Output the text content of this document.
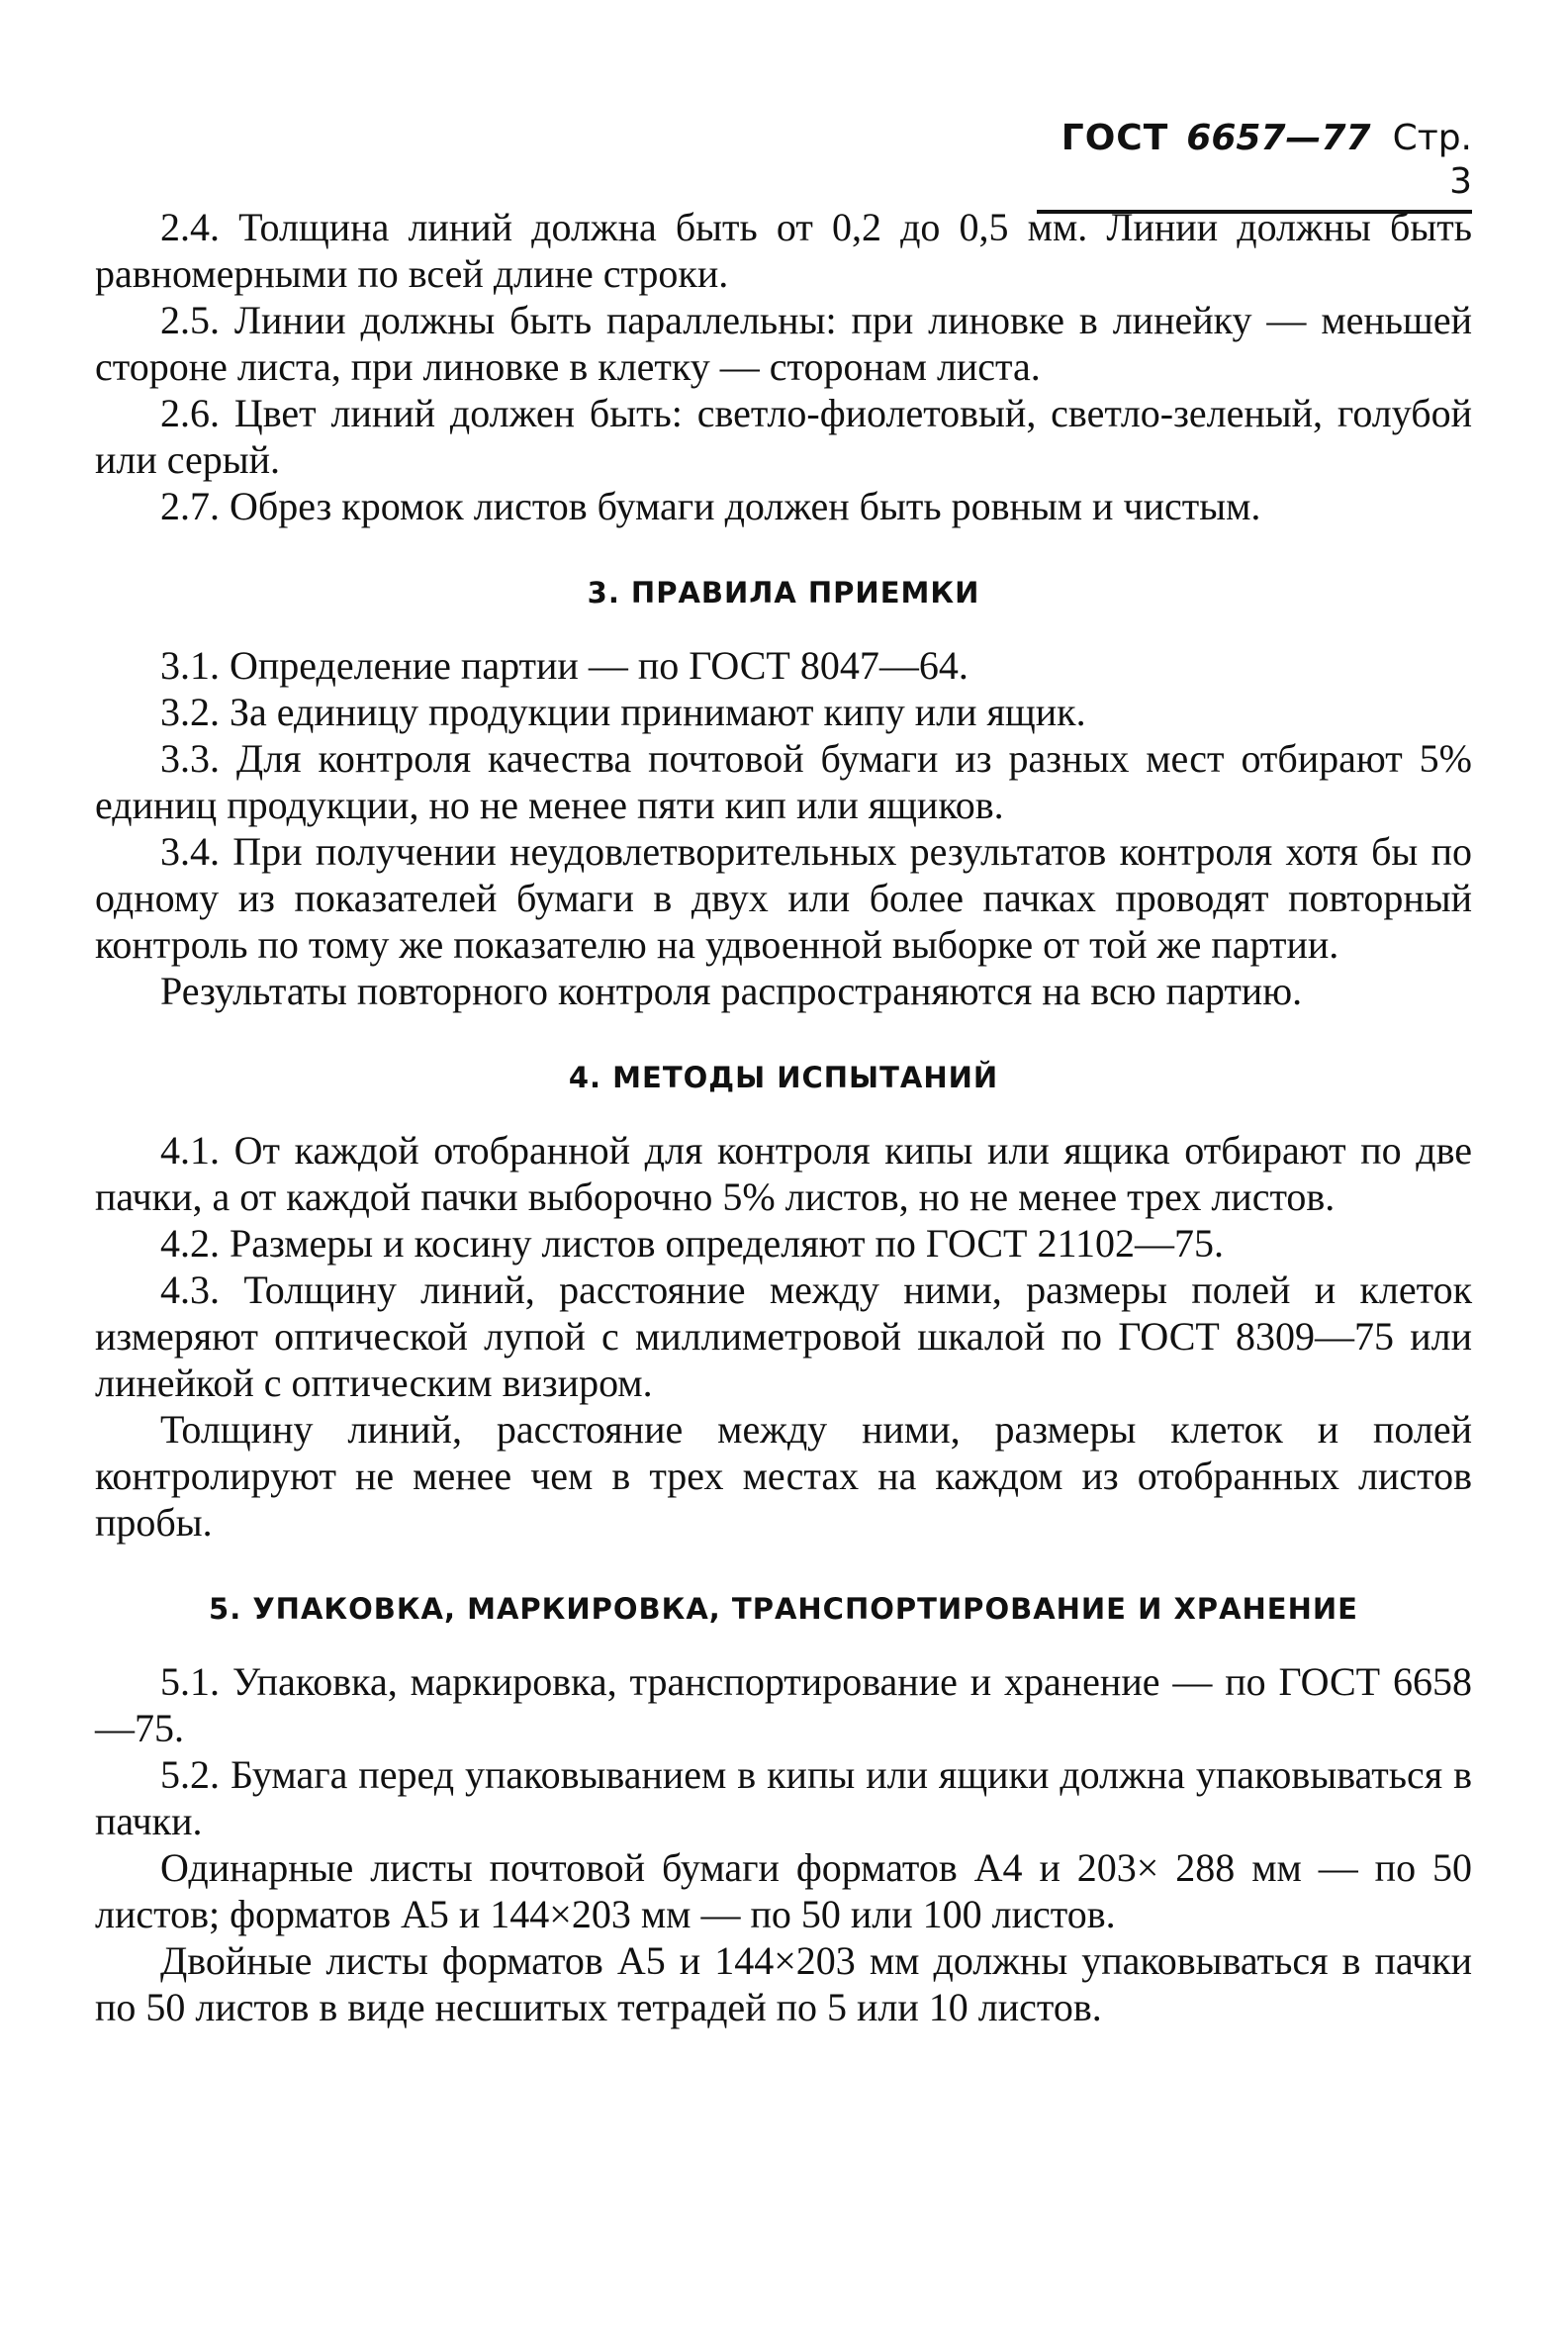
ГОСТ 6657—77 Стр. 3

2.4. Толщина линий должна быть от 0,2 до 0,5 мм. Линии должны быть равномерными по всей длине строки.

2.5. Линии должны быть параллельны: при линовке в линейку — меньшей стороне листа, при линовке в клетку — сторонам листа.

2.6. Цвет линий должен быть: светло-фиолетовый, светло-зеленый, голубой или серый.

2.7. Обрез кромок листов бумаги должен быть ровным и чистым.

3. ПРАВИЛА ПРИЕМКИ

3.1. Определение партии — по ГОСТ 8047—64.

3.2. За единицу продукции принимают кипу или ящик.

3.3. Для контроля качества почтовой бумаги из разных мест отбирают 5% единиц продукции, но не менее пяти кип или ящиков.

3.4. При получении неудовлетворительных результатов контроля хотя бы по одному из показателей бумаги в двух или более пачках проводят повторный контроль по тому же показателю на удвоенной выборке от той же партии.

Результаты повторного контроля распространяются на всю партию.

4. МЕТОДЫ ИСПЫТАНИЙ

4.1. От каждой отобранной для контроля кипы или ящика отбирают по две пачки, а от каждой пачки выборочно 5% листов, но не менее трех листов.

4.2. Размеры и косину листов определяют по ГОСТ 21102—75.

4.3. Толщину линий, расстояние между ними, размеры полей и клеток измеряют оптической лупой с миллиметровой шкалой по ГОСТ 8309—75 или линейкой с оптическим визиром.

Толщину линий, расстояние между ними, размеры клеток и полей контролируют не менее чем в трех местах на каждом из отобранных листов пробы.

5. УПАКОВКА, МАРКИРОВКА, ТРАНСПОРТИРОВАНИЕ И ХРАНЕНИЕ

5.1. Упаковка, маркировка, транспортирование и хранение — по ГОСТ 6658—75.

5.2. Бумага перед упаковыванием в кипы или ящики должна упаковываться в пачки.

Одинарные листы почтовой бумаги форматов А4 и 203× 288 мм — по 50 листов; форматов А5 и 144×203 мм — по 50 или 100 листов.

Двойные листы форматов А5 и 144×203 мм должны упаковываться в пачки по 50 листов в виде несшитых тетрадей по 5 или 10 листов.
